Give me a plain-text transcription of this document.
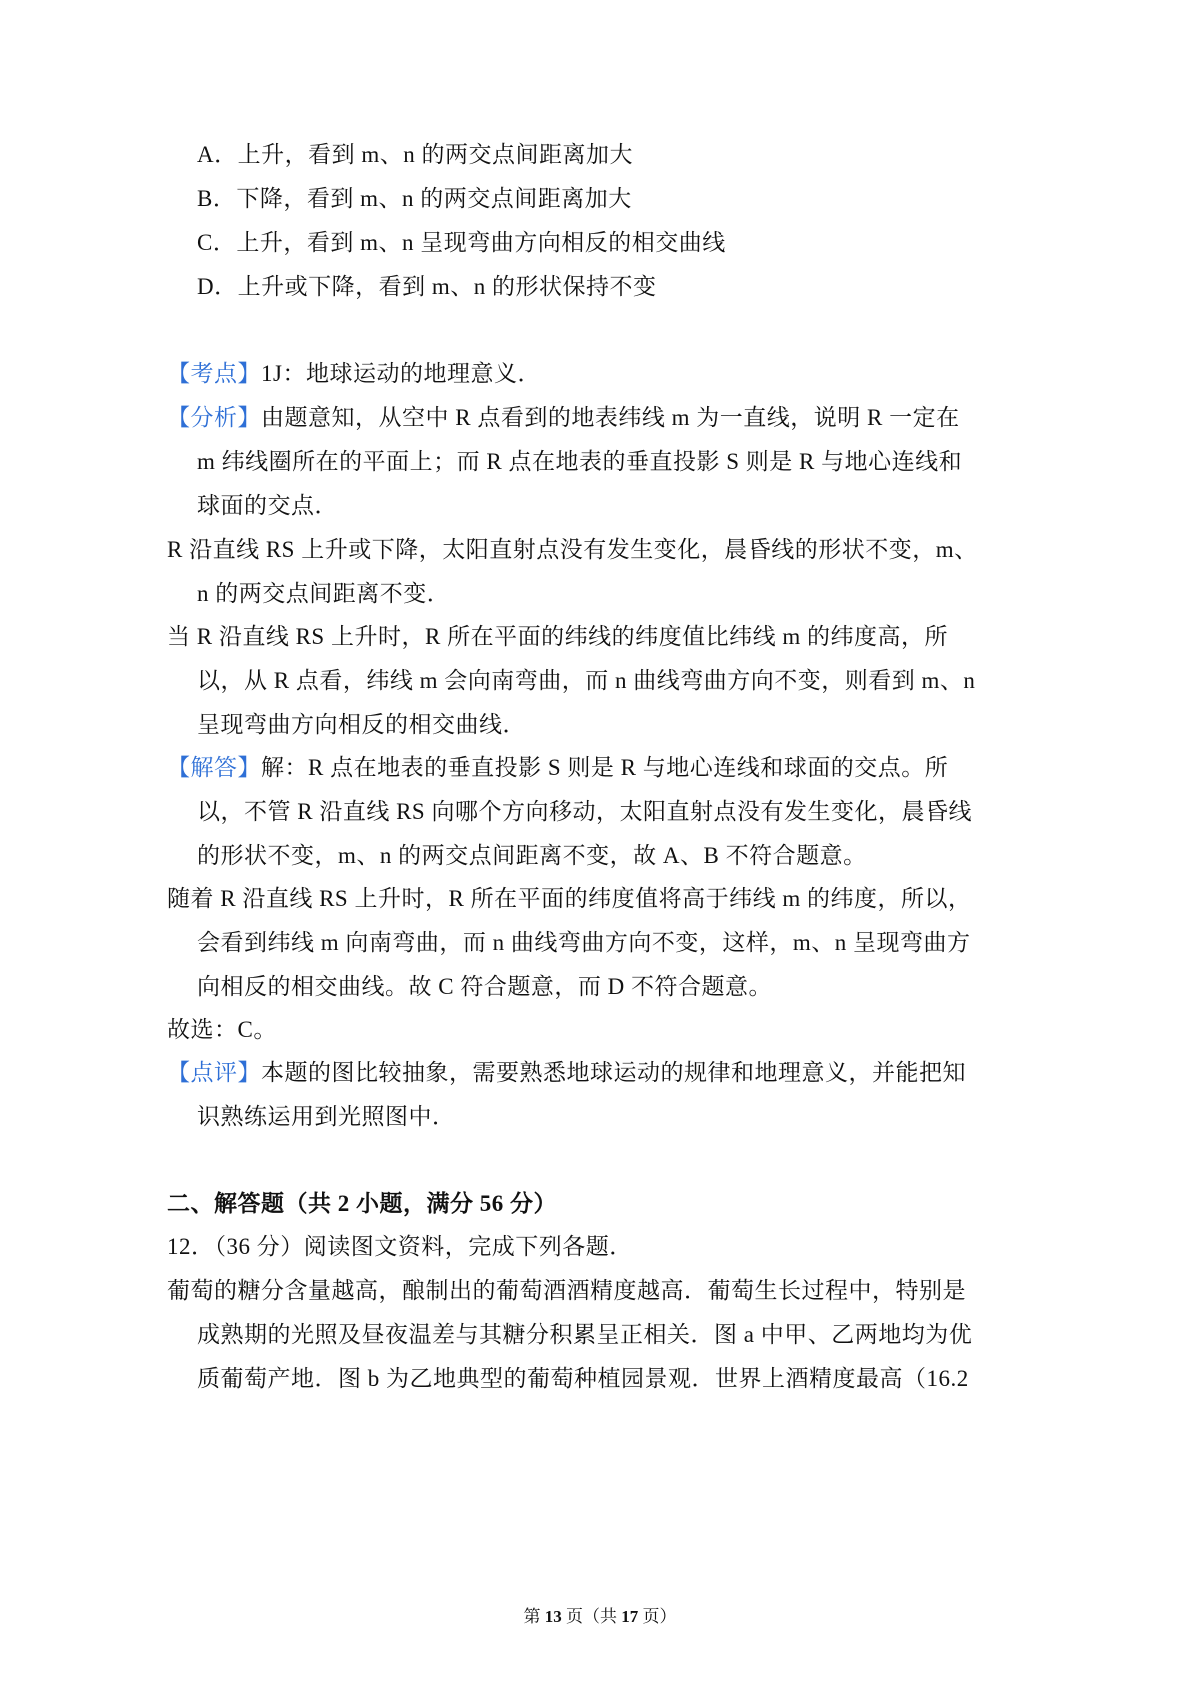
A．上升，看到 m、n 的两交点间距离加大
B．下降，看到 m、n 的两交点间距离加大
C．上升，看到 m、n 呈现弯曲方向相反的相交曲线
D．上升或下降，看到 m、n 的形状保持不变
【考点】1J：地球运动的地理意义．
【分析】由题意知，从空中 R 点看到的地表纬线 m 为一直线，说明 R 一定在
m 纬线圈所在的平面上；而 R 点在地表的垂直投影 S 则是 R 与地心连线和
球面的交点．
R 沿直线 RS 上升或下降，太阳直射点没有发生变化，晨昏线的形状不变，m、
n 的两交点间距离不变．
当 R 沿直线 RS 上升时，R 所在平面的纬线的纬度值比纬线 m 的纬度高，所
以，从 R 点看，纬线 m 会向南弯曲，而 n 曲线弯曲方向不变，则看到 m、n
呈现弯曲方向相反的相交曲线．
【解答】解：R 点在地表的垂直投影 S 则是 R 与地心连线和球面的交点。所
以，不管 R 沿直线 RS 向哪个方向移动，太阳直射点没有发生变化，晨昏线
的形状不变，m、n 的两交点间距离不变，故 A、B 不符合题意。
随着 R 沿直线 RS 上升时，R 所在平面的纬度值将高于纬线 m 的纬度，所以，
会看到纬线 m 向南弯曲，而 n 曲线弯曲方向不变，这样，m、n 呈现弯曲方
向相反的相交曲线。故 C 符合题意，而 D 不符合题意。
故选：C。
【点评】本题的图比较抽象，需要熟悉地球运动的规律和地理意义，并能把知
识熟练运用到光照图中．
二、解答题（共 2 小题，满分 56 分）
12．（36 分）阅读图文资料，完成下列各题．
葡萄的糖分含量越高，酿制出的葡萄酒酒精度越高．葡萄生长过程中，特别是
成熟期的光照及昼夜温差与其糖分积累呈正相关．图 a 中甲、乙两地均为优
质葡萄产地．图 b 为乙地典型的葡萄种植园景观．世界上酒精度最高（16.2
第 13 页（共 17 页）
